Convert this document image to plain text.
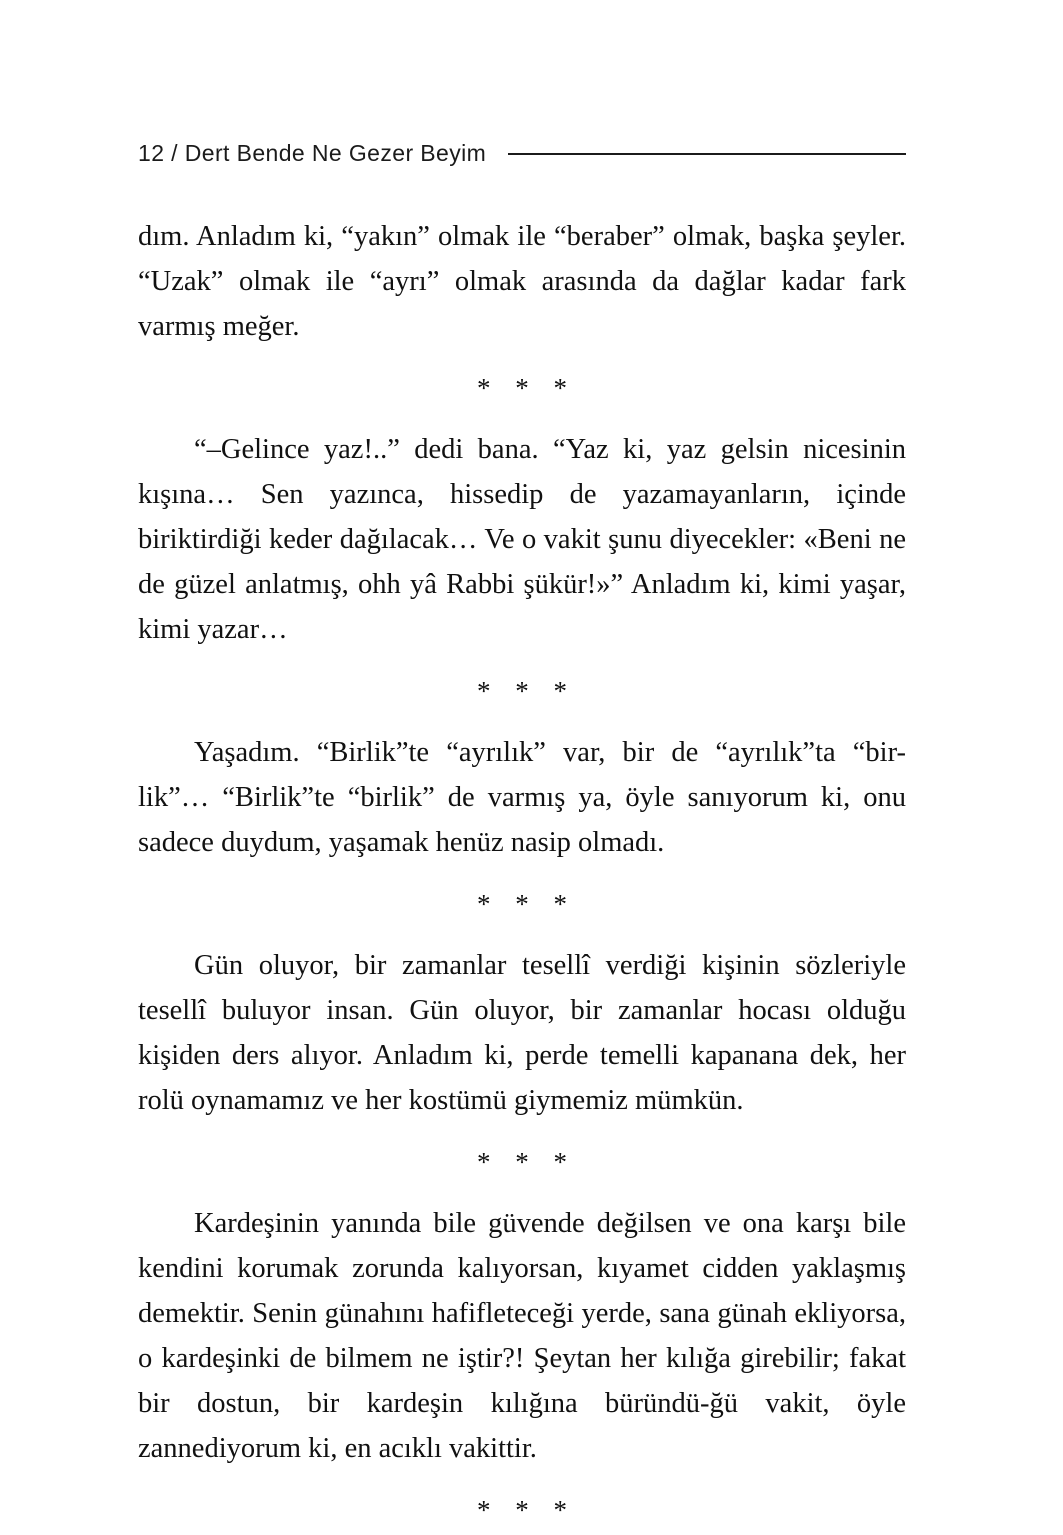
12 / Dert Bende Ne Gezer Beyim

dım. Anladım ki, “yakın” olmak ile “beraber” olmak, başka şeyler. “Uzak” olmak ile “ayrı” olmak arasında da dağlar kadar fark varmış meğer.

* * *

“–Gelince yaz!..” dedi bana. “Yaz ki, yaz gelsin nicesinin kışına… Sen yazınca, hissedip de yazamayanların, içinde biriktirdiği keder dağılacak… Ve o vakit şunu diyecekler: «Beni ne de güzel anlatmış, ohh yâ Rabbi şükür!»” Anladım ki, kimi yaşar, kimi yazar…

* * *

Yaşadım. “Birlik”te “ayrılık” var, bir de “ayrılık”ta “bir-lik”… “Birlik”te “birlik” de varmış ya, öyle sanıyorum ki, onu sadece duydum, yaşamak henüz nasip olmadı.

* * *

Gün oluyor, bir zamanlar tesellî verdiği kişinin sözleriyle tesellî buluyor insan. Gün oluyor, bir zamanlar hocası olduğu kişiden ders alıyor. Anladım ki, perde temelli kapanana dek, her rolü oynamamız ve her kostümü giymemiz mümkün.

* * *

Kardeşinin yanında bile güvende değilsen ve ona karşı bile kendini korumak zorunda kalıyorsan, kıyamet cidden yaklaşmış demektir. Senin günahını hafifleteceği yerde, sana günah ekliyorsa, o kardeşinki de bilmem ne iştir?! Şeytan her kılığa girebilir; fakat bir dostun, bir kardeşin kılığına büründü-ğü vakit, öyle zannediyorum ki, en acıklı vakittir.

* * *
